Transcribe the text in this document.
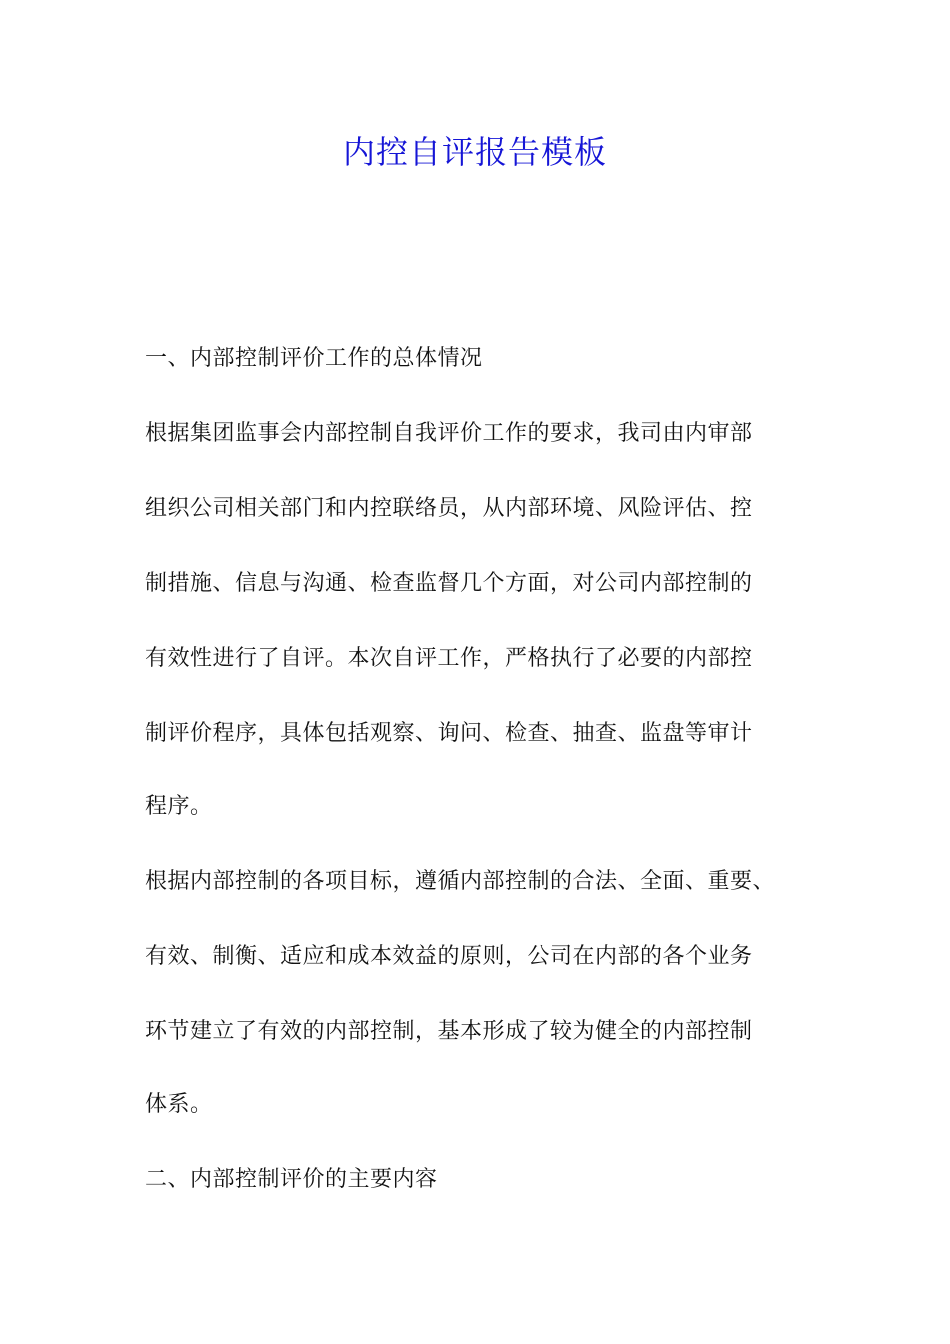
内控自评报告模板
一、内部控制评价工作的总体情况
根据集团监事会内部控制自我评价工作的要求，我司由内审部
组织公司相关部门和内控联络员，从内部环境、风险评估、控
制措施、信息与沟通、检查监督几个方面，对公司内部控制的
有效性进行了自评。本次自评工作，严格执行了必要的内部控
制评价程序，具体包括观察、询问、检查、抽查、监盘等审计
程序。
根据内部控制的各项目标，遵循内部控制的合法、全面、重要、
有效、制衡、适应和成本效益的原则，公司在内部的各个业务
环节建立了有效的内部控制，基本形成了较为健全的内部控制
体系。
二、内部控制评价的主要内容
